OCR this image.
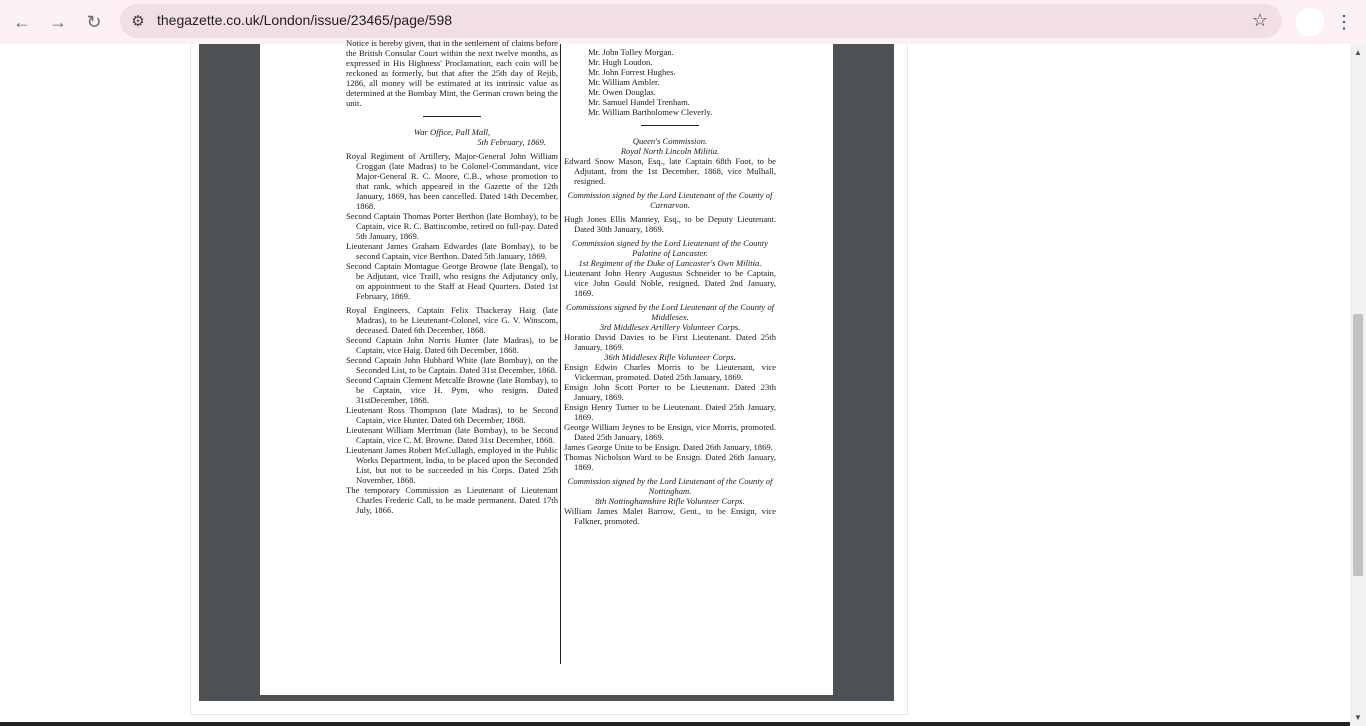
← → ↻ ⚙ thegazette.co.uk/London/issue/23465/page/598	☆	⋮

Notice is hereby given, that in the settlement of claims before the British Consular Court within the next twelve months, as expressed in His Highness' Proclamation, each coin will be reckoned as formerly, but that after the 25th day of Rejib, 1286, all money will be estimated at its intrinsic value as determined at the Bombay Mint, the German crown being the unit.

War Office, Pall Mall,
5th February, 1869.

Royal Regiment of Artillery, Major-General John William Croggan (late Madras) to be Colonel-Commandant, vice Major-General R. C. Moore, C.B., whose promotion to that rank, which appeared in the Gazette of the 12th January, 1869, has been cancelled. Dated 14th December, 1868.

Second Captain Thomas Porter Berthon (late Bombay), to be Captain, vice R. C. Battiscombe, retired on full-pay. Dated 5th January, 1869.

Lieutenant James Graham Edwardes (late Bombay), to be second Captain, vice Berthon. Dated 5th January, 1869.

Second Captain Montague George Browne (late Bengal), to be Adjutant, vice Traill, who resigns the Adjutancy only, on appointment to the Staff at Head Quarters. Dated 1st February, 1869.

Royal Engineers, Captain Felix Thackeray Haig (late Madras), to be Lieutenant-Colonel, vice G. V. Winscom, deceased. Dated 6th December, 1868.

Second Captain John Norris Hunter (late Madras), to be Captain, vice Haig. Dated 6th December, 1868.

Second Captain John Hubbard White (late Bombay), on the Seconded List, to be Captain. Dated 31st December, 1868.

Second Captain Clement Metcalfe Browne (late Bombay), to be Captain, vice H. Pym, who resigns. Dated 31stDecember, 1868.

Lieutenant Ross Thompson (late Madras), to be Second Captain, vice Hunter. Dated 6th December, 1868.

Lieutenant William Merriman (late Bombay), to be Second Captain, vice C. M. Browne. Dated 31st December, 1868.

Lieutenant James Robert McCullagh, employed in the Public Works Department, India, to be placed upon the Seconded List, but not to be succeeded in his Corps. Dated 25th November, 1868.

The temporary Commission as Lieutenant of Lieutenant Charles Frederic Call, to be made permanent. Dated 17th July, 1866.

Mr. John Tolley Morgan.
Mr. Hugh Loudon.
Mr. John Forrest Hughes.
Mr. William Ambler.
Mr. Owen Douglas.
Mr. Samuel Handel Trenham.
Mr. William Bartholomew Cleverly.
Queen's Commission.
Royal North Lincoln Militia.

Edward Snow Mason, Esq., late Captain 68th Foot, to be Adjutant, from the 1st December, 1868, vice Mulhall, resigned.

Commission signed by the Lord Lieutenant of the County of Carnarvon.

Hugh Jones Ellis Manney, Esq., to be Deputy Lieutenant. Dated 30th January, 1869.

Commission signed by the Lord Lieutenant of the County Palatine of Lancaster.
1st Regiment of the Duke of Lancaster's Own Militia.

Lieutenant John Henry Augustus Schneider to be Captain, vice John Gould Noble, resigned. Dated 2nd January, 1869.

Commissions signed by the Lord Lieutenant of the County of Middlesex.
3rd Middlesex Artillery Volunteer Corps.

Horatio David Davies to be First Lieutenant. Dated 25th January, 1869.

36th Middlesex Rifle Volunteer Corps.

Ensign Edwin Charles Morris to be Lieutenant, vice Vickerman, promoted. Dated 25th January, 1869.

Ensign John Scott Porter to be Lieutenant. Dated 23th January, 1869.

Ensign Henry Turner to be Lieutenant. Dated 25th January, 1869.

George William Jeynes to be Ensign, vice Morris, promoted. Dated 25th January, 1869.

James George Unite to be Ensign. Dated 26th January, 1869.

Thomas Nicholson Ward to be Ensign. Dated 26th January, 1869.

Commission signed by the Lord Lieutenant of the County of Nottingham.
8th Nottinghamshire Rifle Volunteer Corps.

William James Malet Barrow, Gent., to be Ensign, vice Falkner, promoted.

▲
▼
